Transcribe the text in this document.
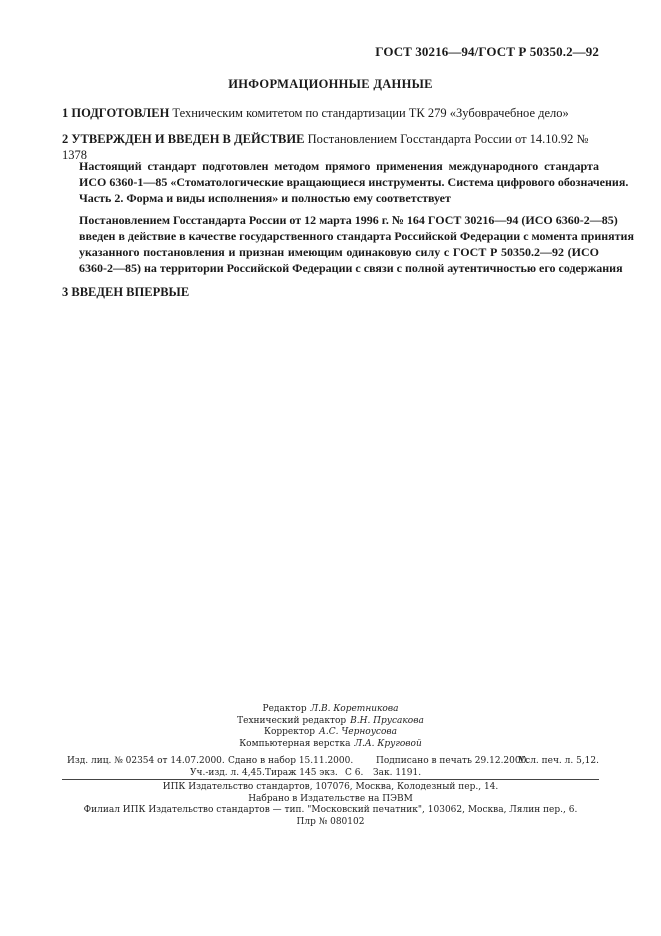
ГОСТ 30216—94/ГОСТ Р 50350.2—92
ИНФОРМАЦИОННЫЕ ДАННЫЕ
1 ПОДГОТОВЛЕН Техническим комитетом по стандартизации ТК 279 «Зубоврачебное дело»
2 УТВЕРЖДЕН И ВВЕДЕН В ДЕЙСТВИЕ Постановлением Госстандарта России от 14.10.92 № 1378
Настоящий стандарт подготовлен методом прямого применения международного стандарта
ИСО 6360-1—85 «Стоматологические вращающиеся инструменты. Система цифрового обозначения.
Часть 2. Форма и виды исполнения» и полностью ему соответствует
Постановлением Госстандарта России от 12 марта 1996 г. № 164 ГОСТ 30216—94 (ИСО 6360-2—85)
введен в действие в качестве государственного стандарта Российской Федерации с момента принятия
указанного постановления и признан имеющим одинаковую силу с ГОСТ Р 50350.2—92 (ИСО
6360-2—85) на территории Российской Федерации с связи с полной аутентичностью его содержания
3 ВВЕДЕН ВПЕРВЫЕ
Редактор Л.В. Коретникова
Технический редактор В.Н. Прусакова
Корректор А.С. Черноусова
Компьютерная верстка Л.А. Круговой
Изд. лиц. № 02354 от 14.07.2000. Сдано в набор 15.11.2000.	Подписано в печать 29.12.2000.
Усл. печ. л. 5,12.
Уч.-изд. л. 4,45. Тираж 145 экз. С 6. Зак. 1191.
ИПК Издательство стандартов, 107076, Москва, Колодезный пер., 14.
Набрано в Издательстве на ПЭВМ
Филиал ИПК Издательство стандартов — тип. "Московский печатник", 103062, Москва, Лялин пер., 6.
Плр № 080102
